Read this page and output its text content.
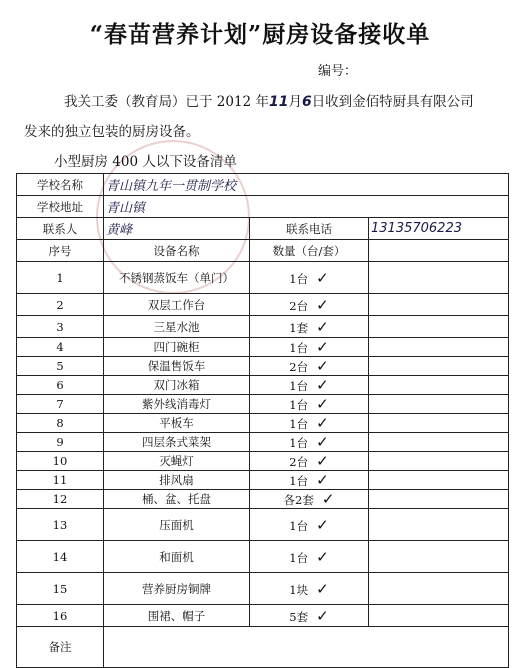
“春苗营养计划”厨房设备接收单
编号：
我关工委（教育局）已于 2012 年11月6日收到金佰特厨具有限公司
发来的独立包装的厨房设备。
小型厨房 400 人以下设备清单
学校名称	青山镇九年一贯制学校		
学校地址	青山镇		
联系人	黄峰	联系电话	13135706223
序号	设备名称	数量（台/套）	
1	不锈钢蒸饭车（单门）	1台 ✓	
2	双层工作台	2台 ✓	
3	三星水池	1套 ✓	
4	四门碗柜	1台 ✓	
5	保温售饭车	2台 ✓	
6	双门冰箱	1台 ✓	
7	紫外线消毒灯	1台 ✓	
8	平板车	1台 ✓	
9	四层条式菜架	1台 ✓	
10	灭蝇灯	2台 ✓	
11	排风扇	1台 ✓	
12	桶、盆、托盘	各2套 ✓	
13	压面机	1台 ✓	
14	和面机	1台 ✓	
15	营养厨房铜牌	1块 ✓	
16	围裙、帽子	5套 ✓	
备注			
